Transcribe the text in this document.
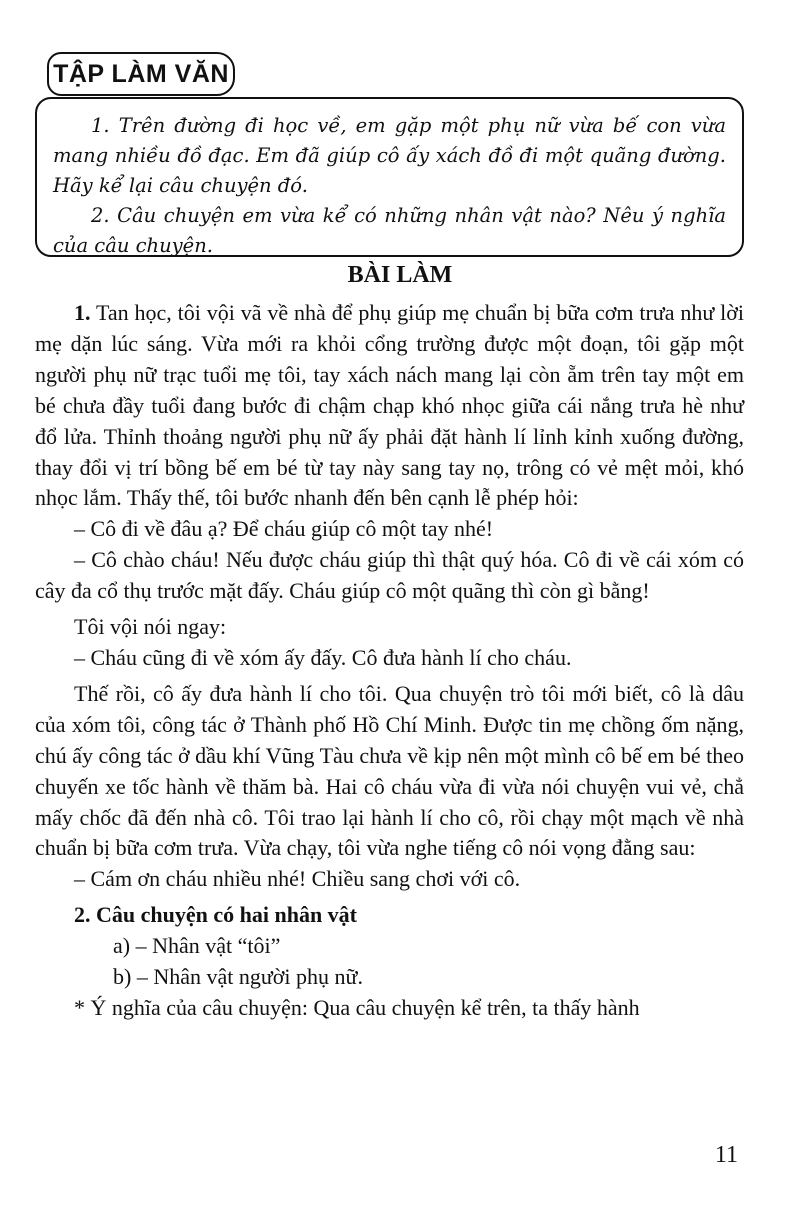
TẬP LÀM VĂN

1. Trên đường đi học về, em gặp một phụ nữ vừa bế con vừa mang nhiều đồ đạc. Em đã giúp cô ấy xách đồ đi một quãng đường. Hãy kể lại câu chuyện đó.

2. Câu chuyện em vừa kể có những nhân vật nào? Nêu ý nghĩa của câu chuyện.

BÀI LÀM

1. Tan học, tôi vội vã về nhà để phụ giúp mẹ chuẩn bị bữa cơm trưa như lời mẹ dặn lúc sáng. Vừa mới ra khỏi cổng trường được một đoạn, tôi gặp một người phụ nữ trạc tuổi mẹ tôi, tay xách nách mang lại còn ẵm trên tay một em bé chưa đầy tuổi đang bước đi chậm chạp khó nhọc giữa cái nắng trưa hè như đổ lửa. Thỉnh thoảng người phụ nữ ấy phải đặt hành lí lỉnh kỉnh xuống đường, thay đổi vị trí bồng bế em bé từ tay này sang tay nọ, trông có vẻ mệt mỏi, khó nhọc lắm. Thấy thế, tôi bước nhanh đến bên cạnh lễ phép hỏi:

– Cô đi về đâu ạ? Để cháu giúp cô một tay nhé!

– Cô chào cháu! Nếu được cháu giúp thì thật quý hóa. Cô đi về cái xóm có cây đa cổ thụ trước mặt đấy. Cháu giúp cô một quãng thì còn gì bằng!

Tôi vội nói ngay:

– Cháu cũng đi về xóm ấy đấy. Cô đưa hành lí cho cháu.

Thế rồi, cô ấy đưa hành lí cho tôi. Qua chuyện trò tôi mới biết, cô là dâu của xóm tôi, công tác ở Thành phố Hồ Chí Minh. Được tin mẹ chồng ốm nặng, chú ấy công tác ở dầu khí Vũng Tàu chưa về kịp nên một mình cô bế em bé theo chuyến xe tốc hành về thăm bà. Hai cô cháu vừa đi vừa nói chuyện vui vẻ, chẳ mấy chốc đã đến nhà cô. Tôi trao lại hành lí cho cô, rồi chạy một mạch về nhà chuẩn bị bữa cơm trưa. Vừa chạy, tôi vừa nghe tiếng cô nói vọng đằng sau:

– Cám ơn cháu nhiều nhé! Chiều sang chơi với cô.

2. Câu chuyện có hai nhân vật

a) – Nhân vật “tôi”

b) – Nhân vật người phụ nữ.

* Ý nghĩa của câu chuyện: Qua câu chuyện kể trên, ta thấy hành

11
